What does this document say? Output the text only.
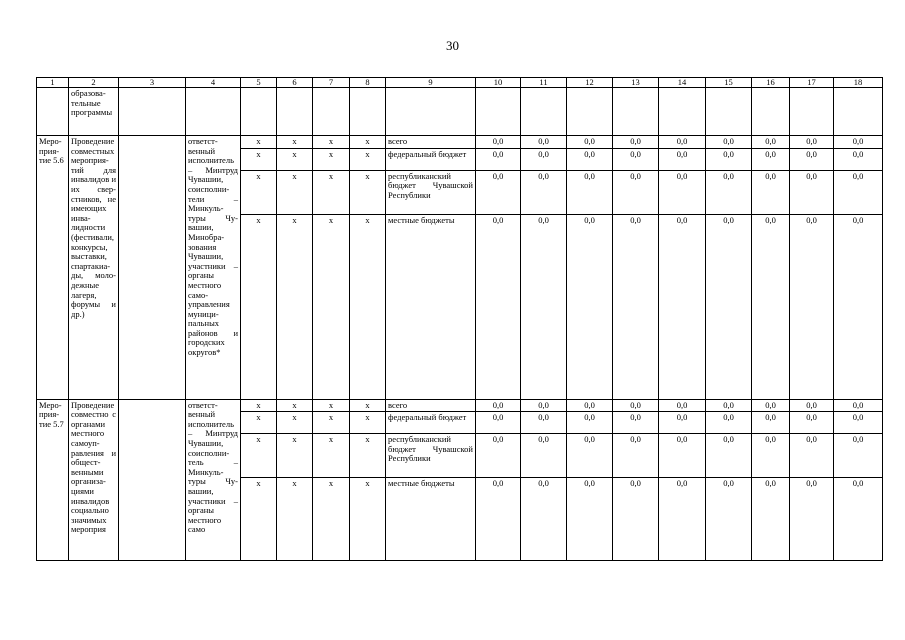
30
1	2	3	4	5	6	7	8	9	10	11	12	13	14	15	16	17	18
	образовательные программы																
Мероприятие 5.6	Проведение совместных мероприятий для инвалидов и их сверстников, не имеющих инвалидности (фестивали, конкурсы, выставки, спартакиады, молодежные лагеря, форумы и др.)		ответственный исполнитель – Минтруд Чувашии, соисполнители – Минкультуры Чувашии, Минобразования Чувашии, участники – органы местного самоуправления муниципальных районов и городских округов*	x	x	x	x	всего	0,0	0,0	0,0	0,0	0,0	0,0	0,0	0,0	0,0
				x	x	x	x	федеральный бюджет	0,0	0,0	0,0	0,0	0,0	0,0	0,0	0,0	0,0
				x	x	x	x	республиканский бюджет Чувашской Республики	0,0	0,0	0,0	0,0	0,0	0,0	0,0	0,0	0,0
				x	x	x	x	местные бюджеты	0,0	0,0	0,0	0,0	0,0	0,0	0,0	0,0	0,0
Мероприятие 5.7	Проведение совместно с органами местного самоуправления и общественными организациями инвалидов социально значимых мероприя		ответственный исполнитель – Минтруд Чувашии, соисполнитель – Минкультуры Чувашии, участники – органы местного само	x	x	x	x	всего	0,0	0,0	0,0	0,0	0,0	0,0	0,0	0,0	0,0
				x	x	x	x	федеральный бюджет	0,0	0,0	0,0	0,0	0,0	0,0	0,0	0,0	0,0
				x	x	x	x	республиканский бюджет Чувашской Республики	0,0	0,0	0,0	0,0	0,0	0,0	0,0	0,0	0,0
				x	x	x	x	местные бюджеты	0,0	0,0	0,0	0,0	0,0	0,0	0,0	0,0	0,0
